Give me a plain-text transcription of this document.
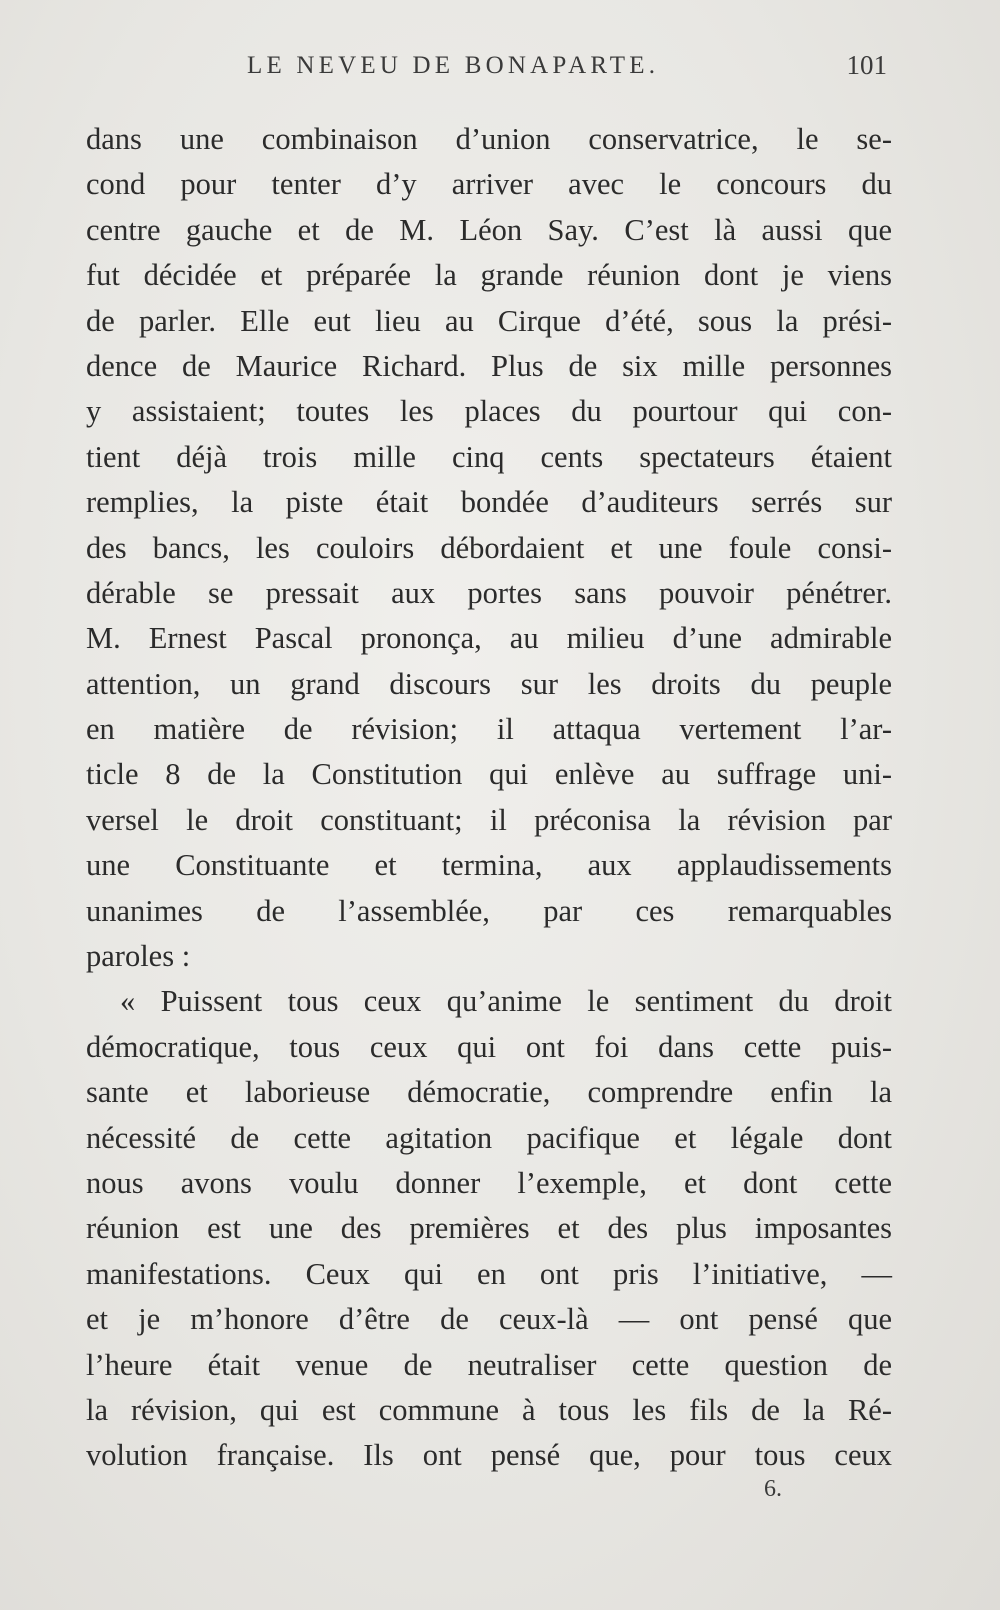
LE NEVEU DE BONAPARTE.	101
dans une combinaison d’union conservatrice, le se-
cond pour tenter d’y arriver avec le concours du
centre gauche et de M. Léon Say. C’est là aussi que
fut décidée et préparée la grande réunion dont je viens
de parler. Elle eut lieu au Cirque d’été, sous la prési-
dence de Maurice Richard. Plus de six mille personnes
y assistaient; toutes les places du pourtour qui con-
tient déjà trois mille cinq cents spectateurs étaient
remplies, la piste était bondée d’auditeurs serrés sur
des bancs, les couloirs débordaient et une foule consi-
dérable se pressait aux portes sans pouvoir pénétrer.
M. Ernest Pascal prononça, au milieu d’une admirable
attention, un grand discours sur les droits du peuple
en matière de révision; il attaqua vertement l’ar-
ticle 8 de la Constitution qui enlève au suffrage uni-
versel le droit constituant; il préconisa la révision par
une Constituante et termina, aux applaudissements
unanimes de l’assemblée, par ces remarquables
paroles :
« Puissent tous ceux qu’anime le sentiment du droit
démocratique, tous ceux qui ont foi dans cette puis-
sante et laborieuse démocratie, comprendre enfin la
nécessité de cette agitation pacifique et légale dont
nous avons voulu donner l’exemple, et dont cette
réunion est une des premières et des plus imposantes
manifestations. Ceux qui en ont pris l’initiative, —
et je m’honore d’être de ceux-là — ont pensé que
l’heure était venue de neutraliser cette question de
la révision, qui est commune à tous les fils de la Ré-
volution française. Ils ont pensé que, pour tous ceux
6.
